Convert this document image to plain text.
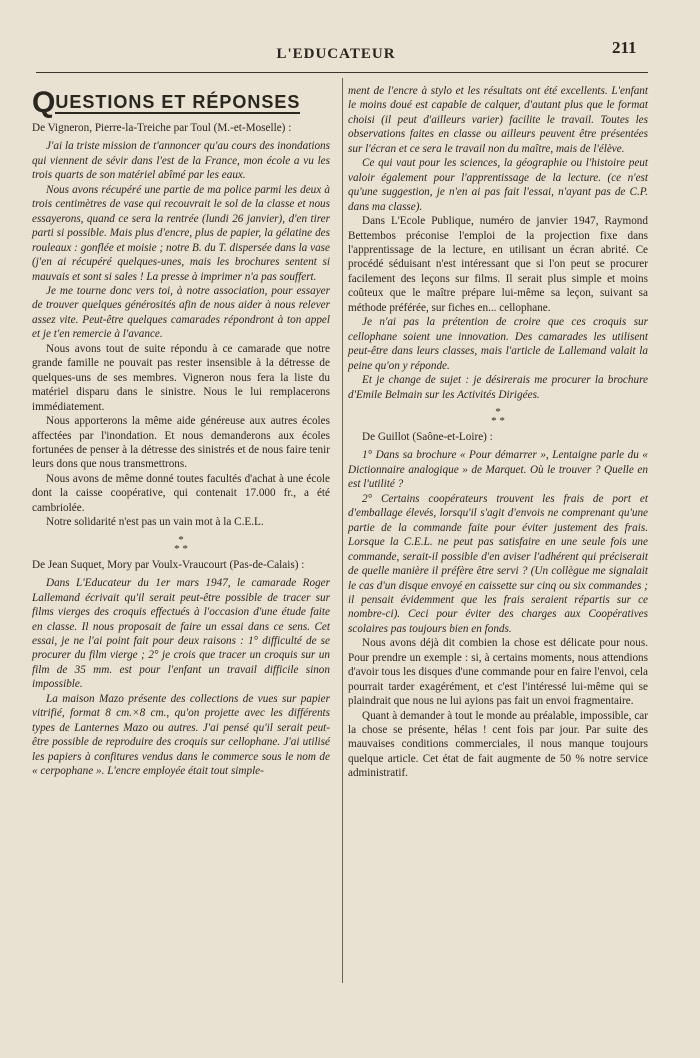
L'EDUCATEUR	211
QUESTIONS ET RÉPONSES

De Vigneron, Pierre-la-Treiche par Toul (M.-et-Moselle) :

J'ai la triste mission de t'annoncer qu'au cours des inondations qui viennent de sévir dans l'est de la France, mon école a vu les trois quarts de son matériel abîmé par les eaux.

Nous avons récupéré une partie de ma police parmi les deux à trois centimètres de vase qui recouvrait le sol de la classe et nous essayerons, quand ce sera la rentrée (lundi 26 janvier), d'en tirer parti si possible. Mais plus d'encre, plus de papier, la gélatine des rouleaux : gonflée et moisie ; notre B. du T. dispersée dans la vase (j'en ai récupéré quelques-unes, mais les brochures sentent si mauvais et sont si sales ! La presse à imprimer n'a pas souffert.

Je me tourne donc vers toi, à notre association, pour essayer de trouver quelques générosités afin de nous aider à nous relever assez vite. Peut-être quelques camarades répondront à ton appel et je t'en remercie à l'avance.

Nous avons tout de suite répondu à ce camarade que notre grande famille ne pouvait pas rester insensible à la détresse de quelques-uns de ses membres. Vigneron nous fera la liste du matériel disparu dans le sinistre. Nous le lui remplacerons immédiatement.

Nous apporterons la même aide généreuse aux autres écoles affectées par l'inondation. Et nous demanderons aux écoles fortunées de penser à la détresse des sinistrés et de nous faire tenir leurs dons que nous transmettrons.

Nous avons de même donné toutes facultés d'achat à une école dont la caisse coopérative, qui contenait 17.000 fr., a été cambriolée.

Notre solidarité n'est pas un vain mot à la C.E.L.

*
* *

De Jean Suquet, Mory par Voulx-Vraucourt (Pas-de-Calais) :

Dans L'Educateur du 1er mars 1947, le camarade Roger Lallemand écrivait qu'il serait peut-être possible de tracer sur films vierges des croquis effectués à l'occasion d'une étude faite en classe. Il nous proposait de faire un essai dans ce sens. Cet essai, je ne l'ai point fait pour deux raisons : 1° difficulté de se procurer du film vierge ; 2° je crois que tracer un croquis sur un film de 35 mm. est pour l'enfant un travail difficile sinon impossible.

La maison Mazo présente des collections de vues sur papier vitrifié, format 8 cm.×8 cm., qu'on projette avec les différents types de Lanternes Mazo ou autres. J'ai pensé qu'il serait peut-être possible de reproduire des croquis sur cellophane. J'ai utilisé les papiers à confitures vendus dans le commerce sous le nom de « cerpophane ». L'encre employée était tout simple-

ment de l'encre à stylo et les résultats ont été excellents. L'enfant le moins doué est capable de calquer, d'autant plus que le format choisi (il peut d'ailleurs varier) facilite le travail. Toutes les observations faites en classe ou ailleurs peuvent être présentées sur l'écran et ce sera le travail non du maître, mais de l'élève.

Ce qui vaut pour les sciences, la géographie ou l'histoire peut valoir également pour l'apprentissage de la lecture. (ce n'est qu'une suggestion, je n'en ai pas fait l'essai, n'ayant pas de C.P. dans ma classe).

Dans L'Ecole Publique, numéro de janvier 1947, Raymond Bettembos préconise l'emploi de la projection fixe dans l'apprentissage de la lecture, en utilisant un écran abrité. Ce procédé séduisant n'est intéressant que si l'on peut se procurer facilement des leçons sur films. Il serait plus simple et moins coûteux que le maître prépare lui-même sa leçon, suivant sa méthode préférée, sur fiches en... cellophane.

Je n'ai pas la prétention de croire que ces croquis sur cellophane soient une innovation. Des camarades les utilisent peut-être dans leurs classes, mais l'article de Lallemand valait la peine qu'on y réponde.

Et je change de sujet : je désirerais me procurer la brochure d'Emile Belmain sur les Activités Dirigées.

*
* *

De Guillot (Saône-et-Loire) :

1° Dans sa brochure « Pour démarrer », Lentaigne parle du « Dictionnaire analogique » de Marquet. Où le trouver ? Quelle en est l'utilité ?

2° Certains coopérateurs trouvent les frais de port et d'emballage élevés, lorsqu'il s'agit d'envois ne comprenant qu'une partie de la commande faite pour éviter justement des frais. Lorsque la C.E.L. ne peut pas satisfaire en une seule fois une commande, serait-il possible d'en aviser l'adhérent qui préciserait de quelle manière il préfère être servi ? (Un collègue me signalait le cas d'un disque envoyé en caissette sur cinq ou six commandes ; il pensait évidemment que les frais seraient répartis sur ce nombre-ci). Ceci pour éviter des charges aux Coopératives scolaires pas toujours bien en fonds.

Nous avons déjà dit combien la chose est délicate pour nous. Pour prendre un exemple : si, à certains moments, nous attendions d'avoir tous les disques d'une commande pour en faire l'envoi, cela pourrait tarder exagérément, et c'est l'intéressé lui-même qui se plaindrait que nous ne lui ayions pas fait un envoi fragmentaire.

Quant à demander à tout le monde au préalable, impossible, car la chose se présente, hélas ! cent fois par jour. Par suite des mauvaises conditions commerciales, il nous manque toujours quelque article. Cet état de fait augmente de 50 % notre service administratif.
